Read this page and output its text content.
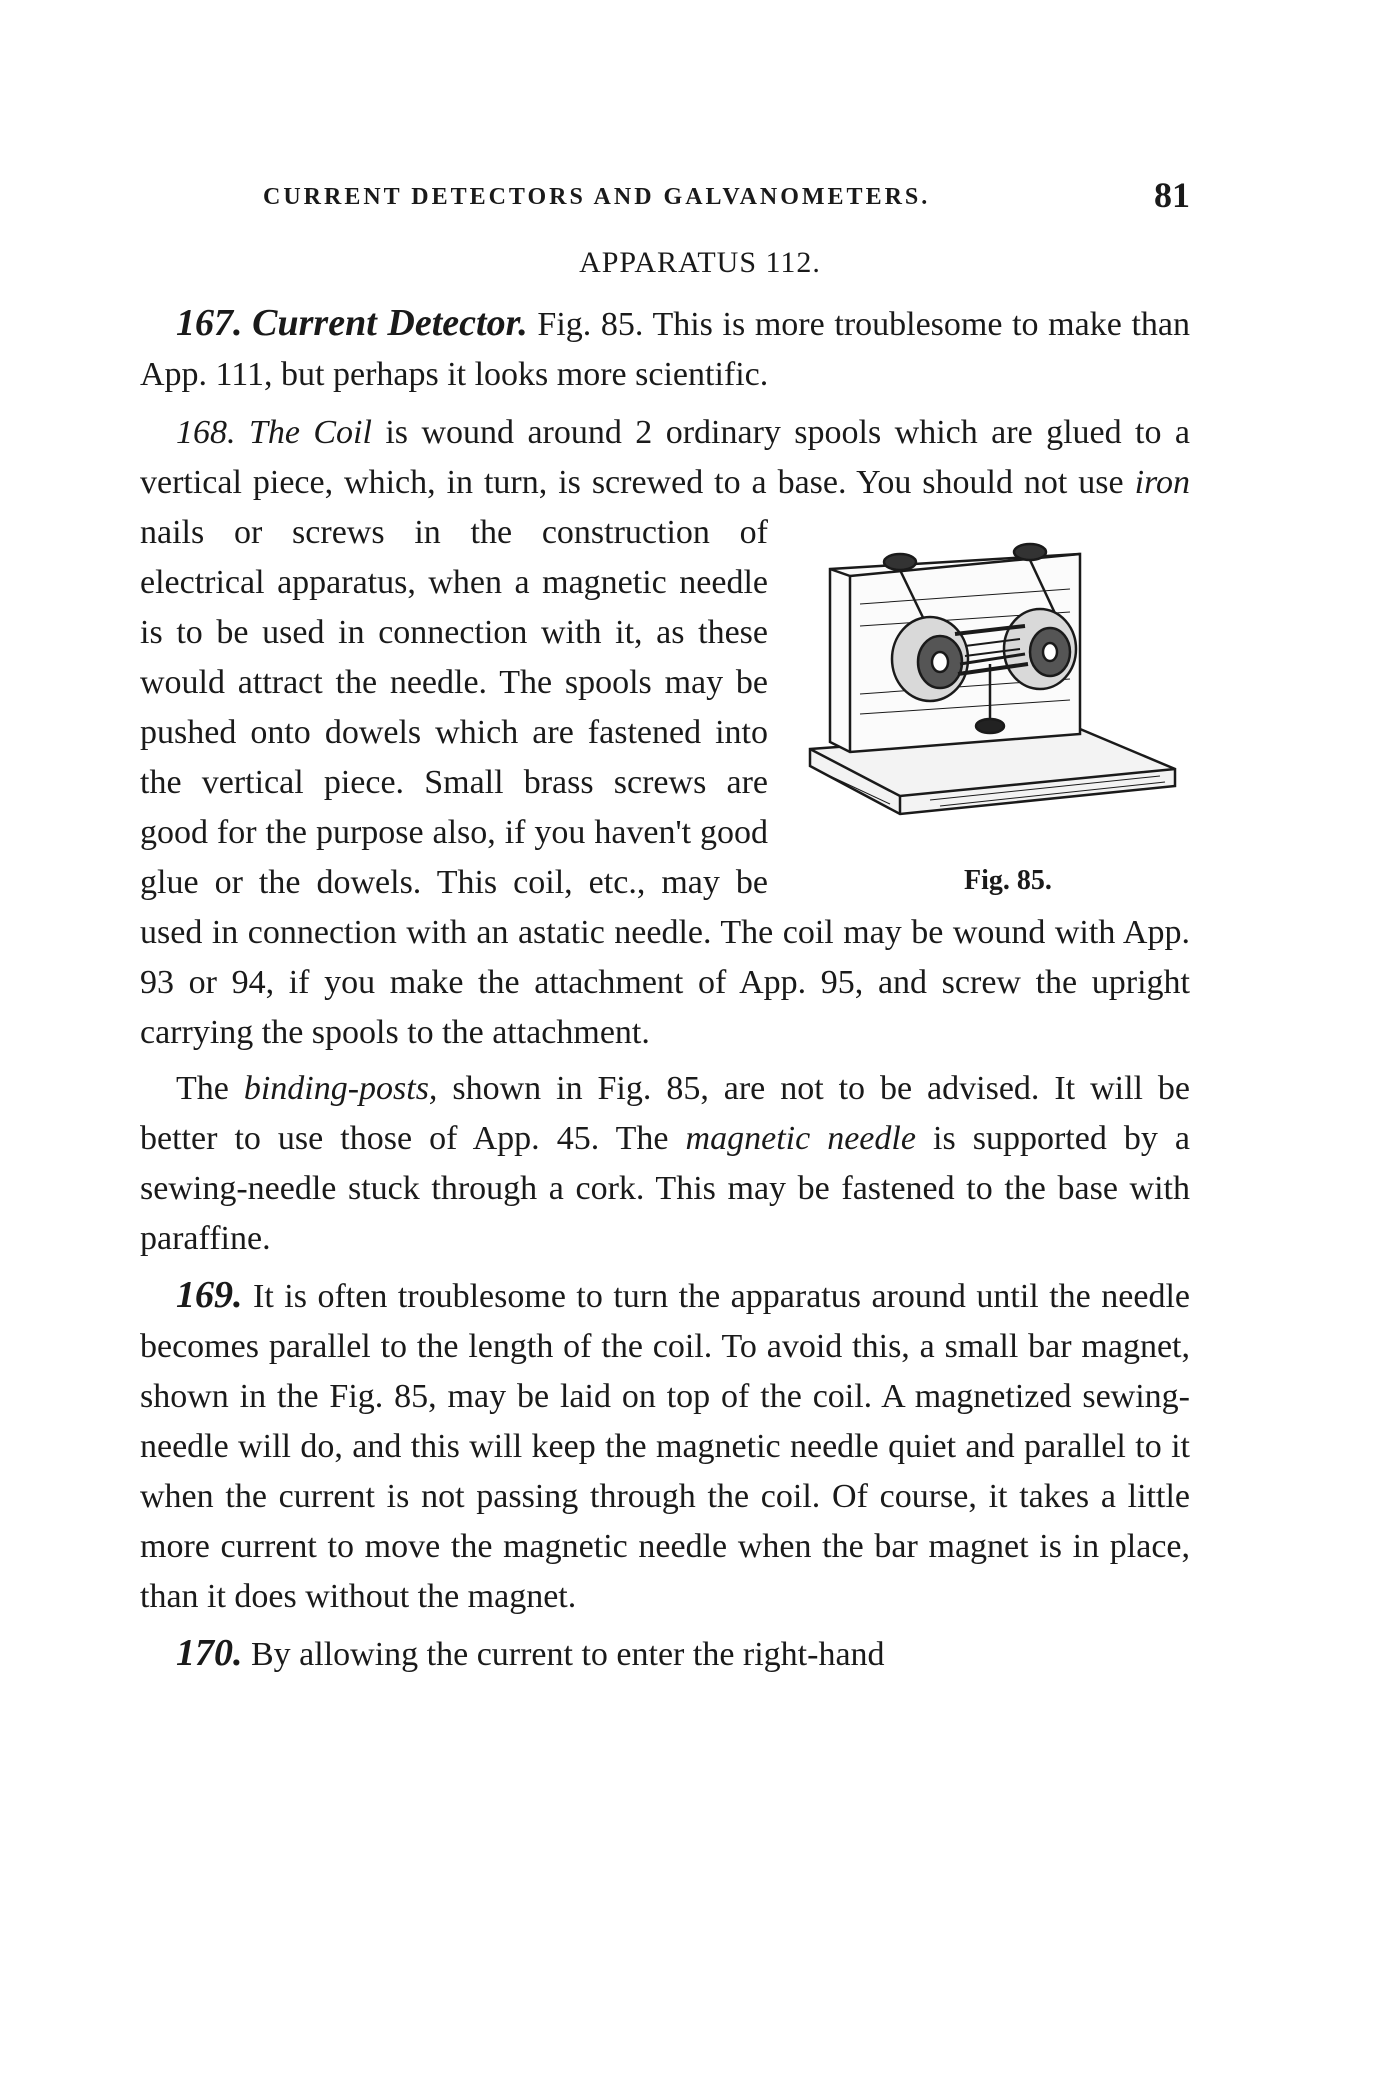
CURRENT DETECTORS AND GALVANOMETERS.	81
APPARATUS 112.

167. Current Detector. Fig. 85. This is more troublesome to make than App. 111, but perhaps it looks more scientific.

168. The Coil is wound around 2 ordinary spools which are glued to a vertical piece, which, in turn, is screwed to a base. You should not use iron
Fig. 85.
nails or screws in the construction of electrical apparatus, when a magnetic needle is to be used in connection with it, as these would attract the needle. The spools may be pushed onto dowels which are fastened into the vertical piece. Small brass screws are good for the purpose also, if you haven't good glue or the dowels. This coil, etc., may be used in connection with an astatic needle. The coil may be wound with App. 93 or 94, if you make the attachment of App. 95, and screw the upright carrying the spools to the attachment.

The binding-posts, shown in Fig. 85, are not to be advised. It will be better to use those of App. 45. The magnetic needle is supported by a sewing-needle stuck through a cork. This may be fastened to the base with paraffine.

169. It is often troublesome to turn the apparatus around until the needle becomes parallel to the length of the coil. To avoid this, a small bar magnet, shown in the Fig. 85, may be laid on top of the coil. A magnetized sewing-needle will do, and this will keep the magnetic needle quiet and parallel to it when the current is not passing through the coil. Of course, it takes a little more current to move the magnetic needle when the bar magnet is in place, than it does without the magnet.

170. By allowing the current to enter the right-hand
